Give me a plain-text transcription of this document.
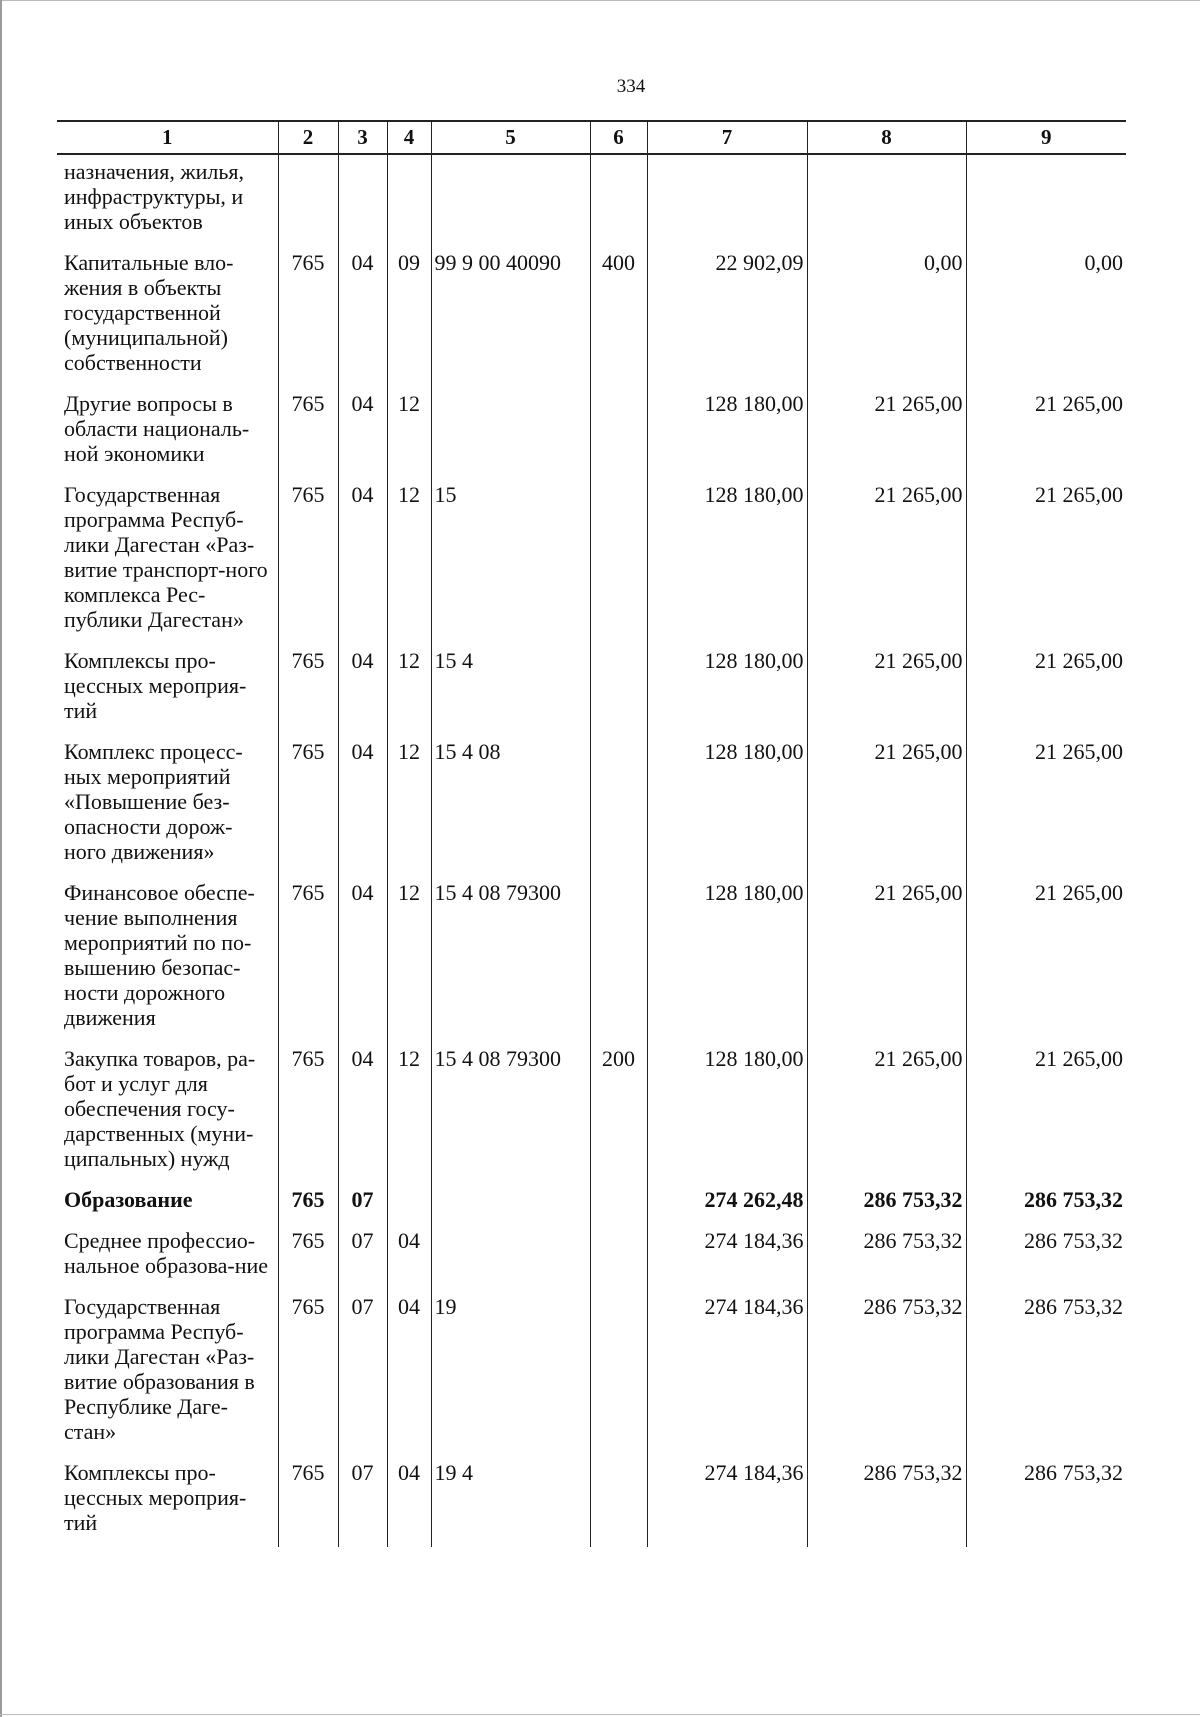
334
1	2	3	4	5	6	7	8	9
назначения, жилья, инфраструктуры, и иных объектов								
Капитальные вло-жения в объекты государственной (муниципальной) собственности	765	04	09	99 9 00 40090	400	22 902,09	0,00	0,00
Другие вопросы в области националь-ной экономики	765	04	12			128 180,00	21 265,00	21 265,00
Государственная программа Респуб-лики Дагестан «Раз-витие транспорт-ного комплекса Рес-публики Дагестан»	765	04	12	15		128 180,00	21 265,00	21 265,00
Комплексы про-цессных мероприя-тий	765	04	12	15 4		128 180,00	21 265,00	21 265,00
Комплекс процесс-ных мероприятий «Повышение без-опасности дорож-ного движения»	765	04	12	15 4 08		128 180,00	21 265,00	21 265,00
Финансовое обеспе-чение выполнения мероприятий по по-вышению безопас-ности дорожного движения	765	04	12	15 4 08 79300		128 180,00	21 265,00	21 265,00
Закупка товаров, ра-бот и услуг для обеспечения госу-дарственных (муни-ципальных) нужд	765	04	12	15 4 08 79300	200	128 180,00	21 265,00	21 265,00
Образование	765	07				274 262,48	286 753,32	286 753,32
Среднее профессио-нальное образова-ние	765	07	04			274 184,36	286 753,32	286 753,32
Государственная программа Респуб-лики Дагестан «Раз-витие образования в Республике Даге-стан»	765	07	04	19		274 184,36	286 753,32	286 753,32
Комплексы про-цессных мероприя-тий	765	07	04	19 4		274 184,36	286 753,32	286 753,32
